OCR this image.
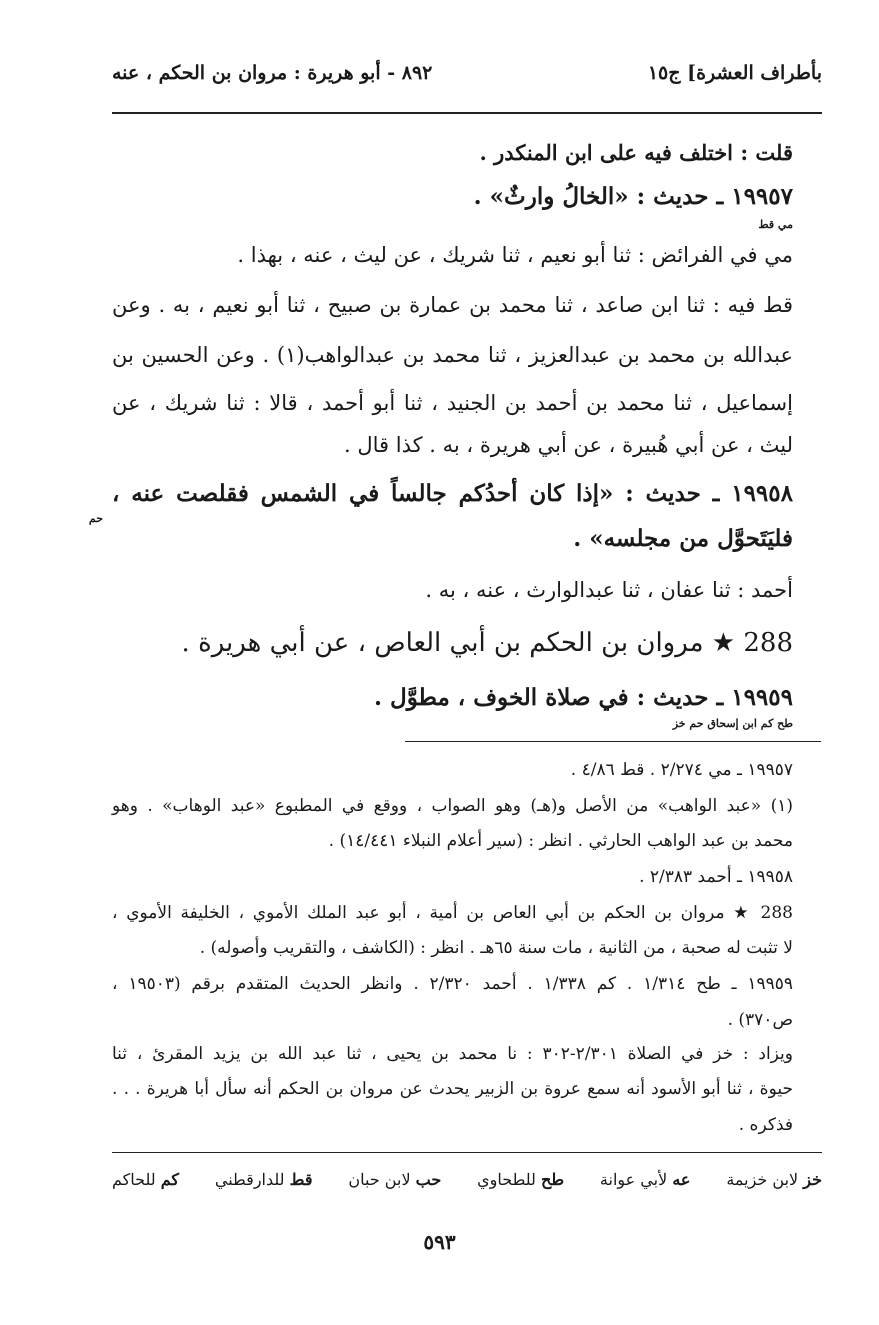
بأطراف العشرة] ج١٥
٨٩٢ - أبو هريرة : مروان بن الحكم ، عنه
قلت : اختلف فيه على ابن المنكدر .
١٩٩٥٧ ـ حديث : «الخالُ وارثٌ» .
مي قط
مي في الفرائض : ثنا أبو نعيم ، ثنا شريك ، عن ليث ، عنه ، بهذا .
قط فيه : ثنا ابن صاعد ، ثنا محمد بن عمارة بن صبيح ، ثنا أبو نعيم ، به . وعن
عبدالله بن محمد بن عبدالعزيز ، ثنا محمد بن عبدالواهب(١) . وعن الحسين بن
إسماعيل ، ثنا محمد بن أحمد بن الجنيد ، ثنا أبو أحمد ، قالا : ثنا شريك ، عن
ليث ، عن أبي هُبيرة ، عن أبي هريرة ، به . كذا قال .
١٩٩٥٨ ـ حديث : «إذا كان أحدُكم جالساً في الشمس فقلصت عنه ،
حم
فليَتَحوَّل من مجلسه» .
أحمد : ثنا عفان ، ثنا عبدالوارث ، عنه ، به .
288 ★ مروان بن الحكم بن أبي العاص ، عن أبي هريرة .
١٩٩٥٩ ـ حديث : في صلاة الخوف ، مطوَّل .
طح كم ابن إسحاق حم خز
١٩٩٥٧ ـ مي ٢/٢٧٤ . قط ٤/٨٦ .
(١) «عبد الواهب» من الأصل و(هـ) وهو الصواب ، ووقع في المطبوع «عبد الوهاب» . وهو
محمد بن عبد الواهب الحارثي . انظر : (سير أعلام النبلاء ١٤/٤٤١) .
١٩٩٥٨ ـ أحمد ٢/٣٨٣ .
288 ★ مروان بن الحكم بن أبي العاص بن أمية ، أبو عبد الملك الأموي ، الخليفة الأموي ،
لا تثبت له صحبة ، من الثانية ، مات سنة ٦٥هـ . انظر : (الكاشف ، والتقريب وأصوله) .
١٩٩٥٩ ـ طح ١/٣١٤ . كم ١/٣٣٨ . أحمد ٢/٣٢٠ . وانظر الحديث المتقدم برقم (١٩٥٠٣ ،
ص٣٧٠) .
ويزاد : خز في الصلاة ٢/٣٠١-٣٠٢ : نا محمد بن يحيى ، ثنا عبد الله بن يزيد المقرئ ، ثنا
حيوة ، ثنا أبو الأسود أنه سمع عروة بن الزبير يحدث عن مروان بن الحكم أنه سأل أبا هريرة . . .
فذكره .
خز لابن خزيمة
عه لأبي عوانة
طح للطحاوي
حب لابن حبان
قط للدارقطني
كم للحاكم
٥٩٣
